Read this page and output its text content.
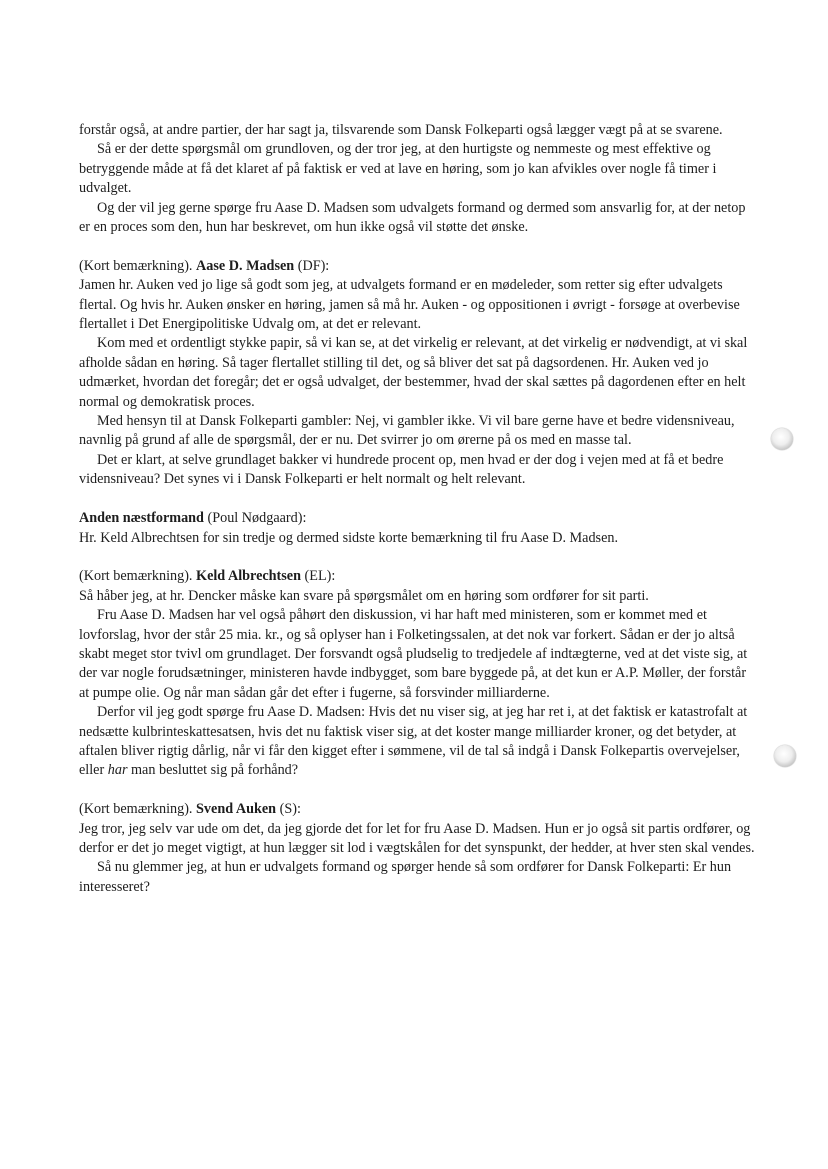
forstår også, at andre partier, der har sagt ja, tilsvarende som Dansk Folkeparti også lægger vægt på at se svarene.

Så er der dette spørgsmål om grundloven, og der tror jeg, at den hurtigste og nemmeste og mest effektive og betryggende måde at få det klaret af på faktisk er ved at lave en høring, som jo kan afvikles over nogle få timer i udvalget.

Og der vil jeg gerne spørge fru Aase D. Madsen som udvalgets formand og dermed som ansvarlig for, at der netop er en proces som den, hun har beskrevet, om hun ikke også vil støtte det ønske.

(Kort bemærkning). Aase D. Madsen (DF):

Jamen hr. Auken ved jo lige så godt som jeg, at udvalgets formand er en mødeleder, som retter sig efter udvalgets flertal. Og hvis hr. Auken ønsker en høring, jamen så må hr. Auken - og oppositionen i øvrigt - forsøge at overbevise flertallet i Det Energipolitiske Udvalg om, at det er relevant.

Kom med et ordentligt stykke papir, så vi kan se, at det virkelig er relevant, at det virkelig er nødvendigt, at vi skal afholde sådan en høring. Så tager flertallet stilling til det, og så bliver det sat på dagsordenen. Hr. Auken ved jo udmærket, hvordan det foregår; det er også udvalget, der bestemmer, hvad der skal sættes på dagordenen efter en helt normal og demokratisk proces.

Med hensyn til at Dansk Folkeparti gambler: Nej, vi gambler ikke. Vi vil bare gerne have et bedre vidensniveau, navnlig på grund af alle de spørgsmål, der er nu. Det svirrer jo om ørerne på os med en masse tal.

Det er klart, at selve grundlaget bakker vi hundrede procent op, men hvad er der dog i vejen med at få et bedre vidensniveau? Det synes vi i Dansk Folkeparti er helt normalt og helt relevant.

Anden næstformand (Poul Nødgaard):

Hr. Keld Albrechtsen for sin tredje og dermed sidste korte bemærkning til fru Aase D. Madsen.

(Kort bemærkning). Keld Albrechtsen (EL):

Så håber jeg, at hr. Dencker måske kan svare på spørgsmålet om en høring som ordfører for sit parti.

Fru Aase D. Madsen har vel også påhørt den diskussion, vi har haft med ministeren, som er kommet med et lovforslag, hvor der står 25 mia. kr., og så oplyser han i Folketingssalen, at det nok var forkert. Sådan er der jo altså skabt meget stor tvivl om grundlaget. Der forsvandt også pludselig to tredjedele af indtægterne, ved at det viste sig, at der var nogle forudsætninger, ministeren havde indbygget, som bare byggede på, at det kun er A.P. Møller, der forstår at pumpe olie. Og når man sådan går det efter i fugerne, så forsvinder milliarderne.

Derfor vil jeg godt spørge fru Aase D. Madsen: Hvis det nu viser sig, at jeg har ret i, at det faktisk er katastrofalt at nedsætte kulbrinteskattesatsen, hvis det nu faktisk viser sig, at det koster mange milliarder kroner, og det betyder, at aftalen bliver rigtig dårlig, når vi får den kigget efter i sømmene, vil de tal så indgå i Dansk Folkepartis overvejelser, eller har man besluttet sig på forhånd?

(Kort bemærkning). Svend Auken (S):

Jeg tror, jeg selv var ude om det, da jeg gjorde det for let for fru Aase D. Madsen. Hun er jo også sit partis ordfører, og derfor er det jo meget vigtigt, at hun lægger sit lod i vægtskålen for det synspunkt, der hedder, at hver sten skal vendes.

Så nu glemmer jeg, at hun er udvalgets formand og spørger hende så som ordfører for Dansk Folkeparti: Er hun interesseret?
